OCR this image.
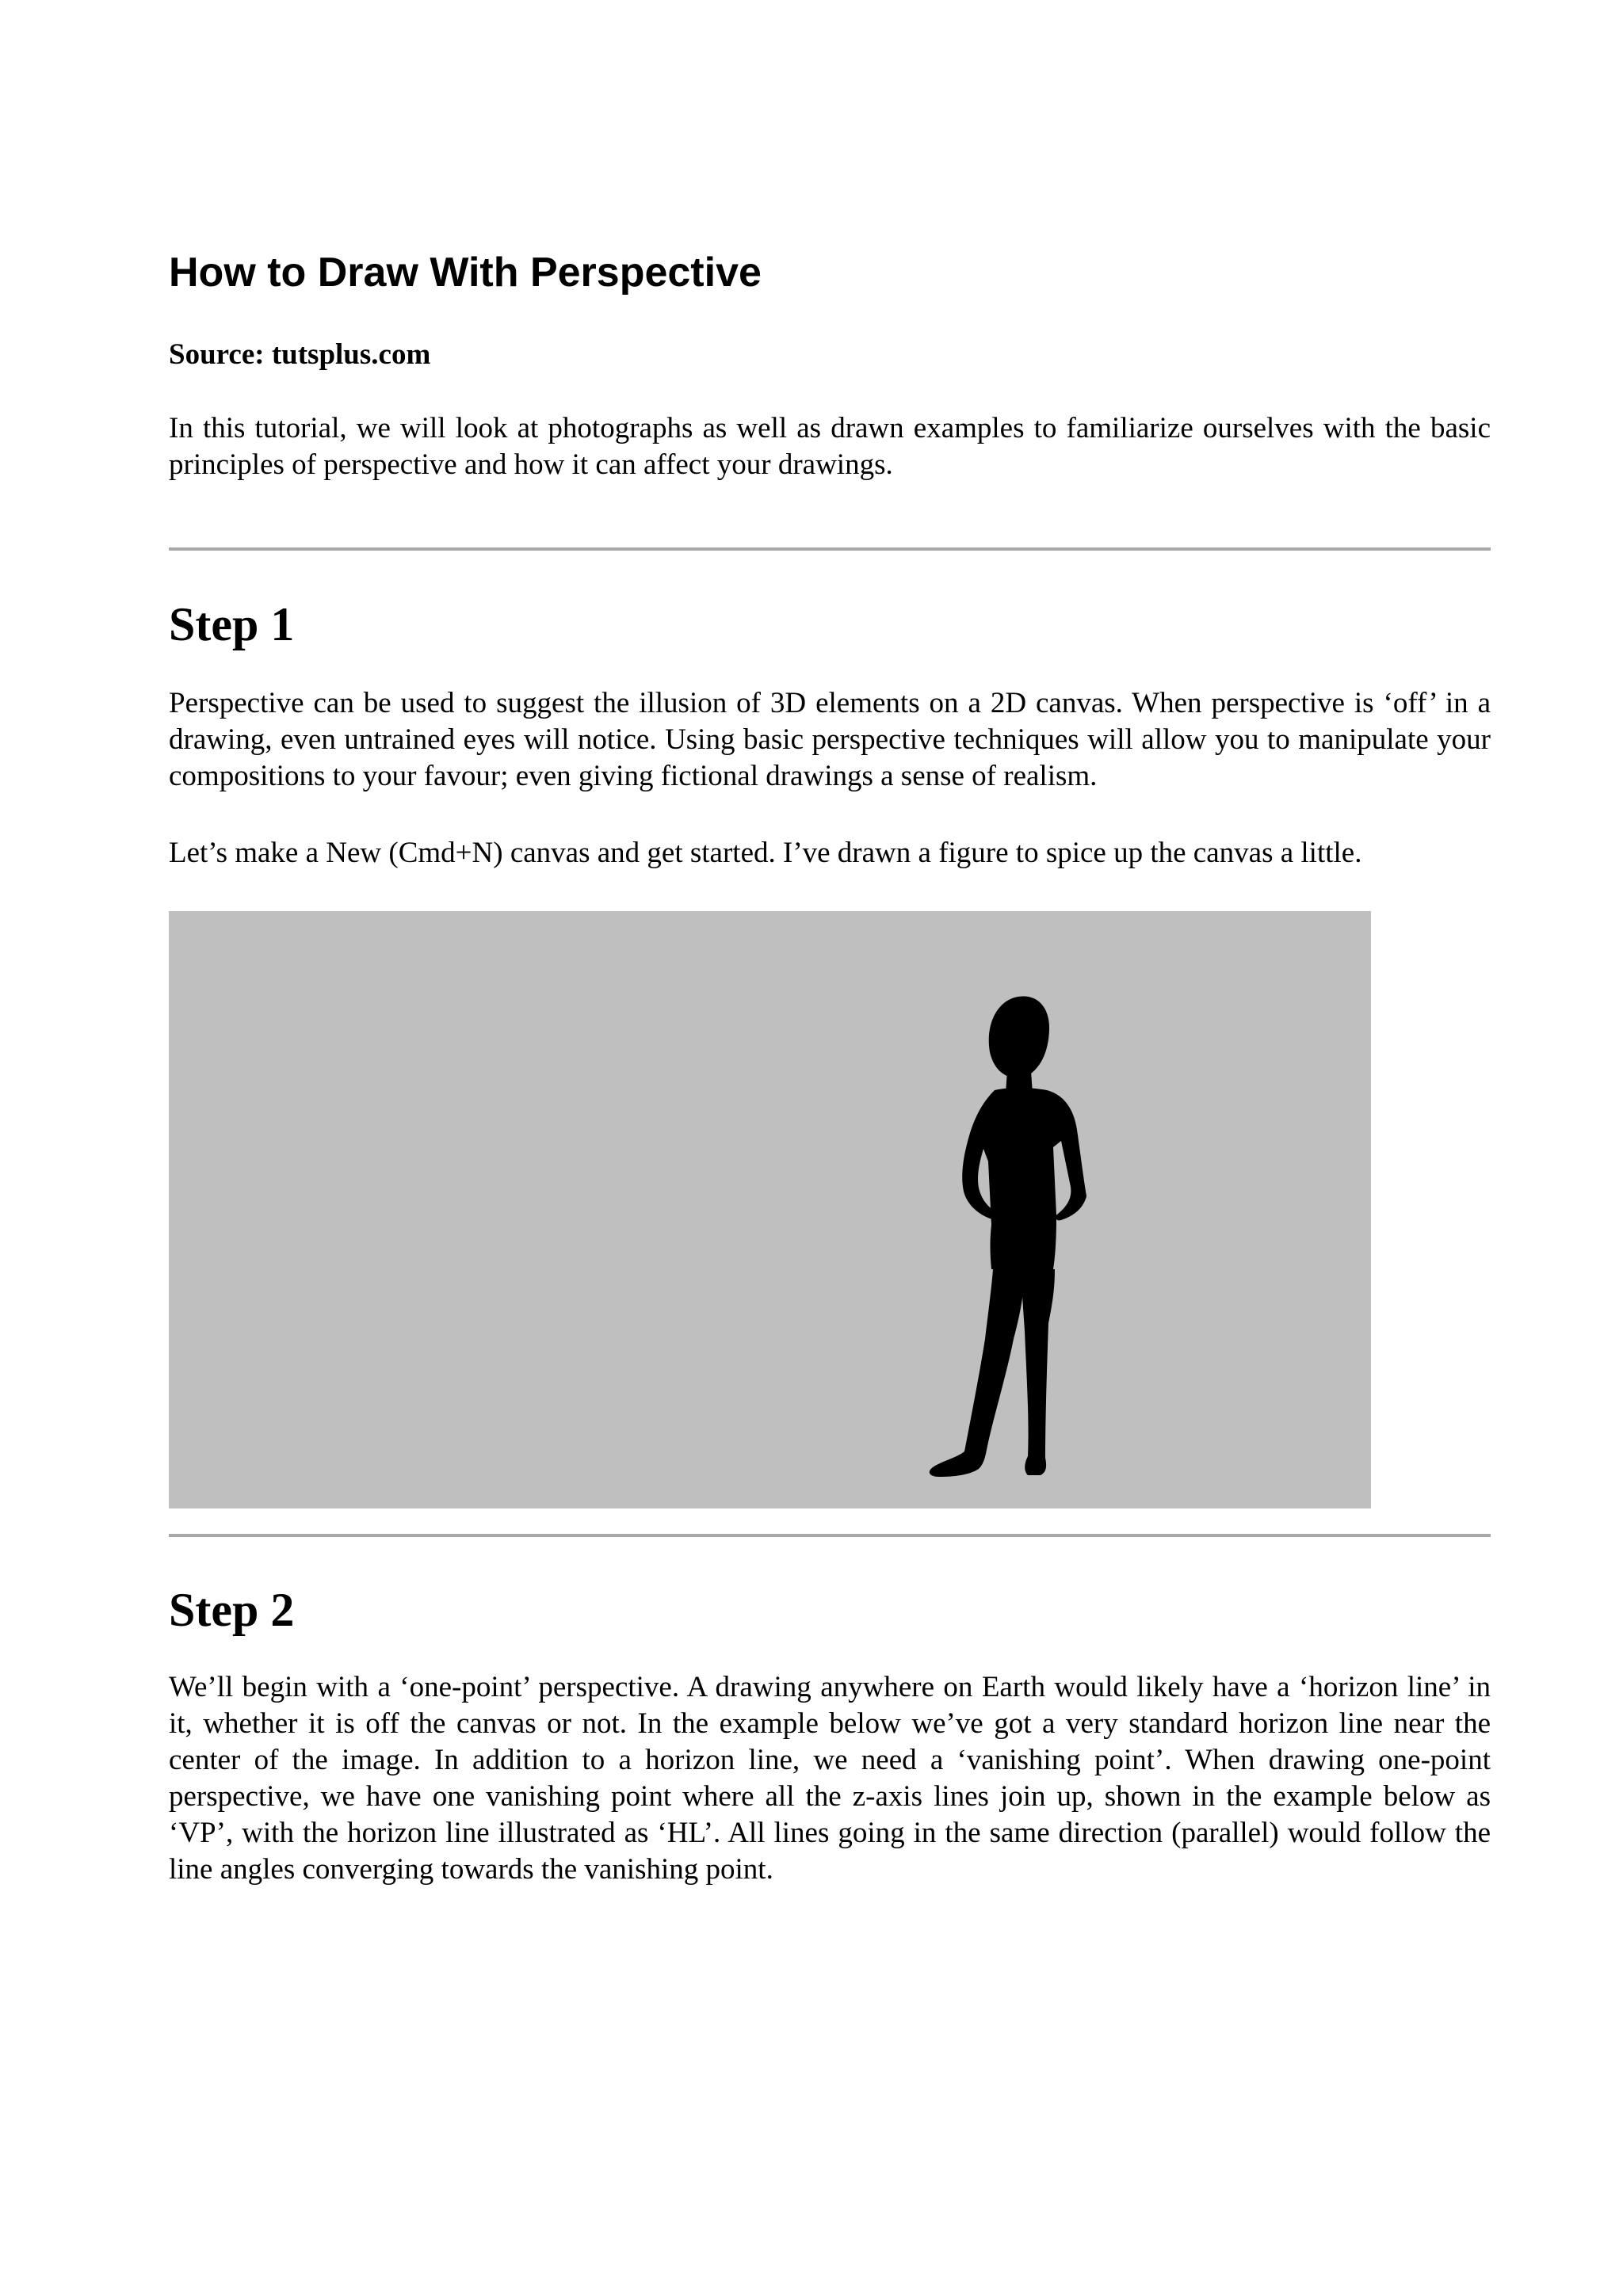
How to Draw With Perspective

Source: tutsplus.com

In this tutorial, we will look at photographs as well as drawn examples to familiarize ourselves with the basic principles of perspective and how it can affect your drawings.

Step 1

Perspective can be used to suggest the illusion of 3D elements on a 2D canvas. When perspective is ‘off’ in a drawing, even untrained eyes will notice. Using basic perspective techniques will allow you to manipulate your compositions to your favour; even giving fictional drawings a sense of realism.

Let’s make a New (Cmd+N) canvas and get started. I’ve drawn a figure to spice up the canvas a little.

Step 2

We’ll begin with a ‘one-point’ perspective. A drawing anywhere on Earth would likely have a ‘horizon line’ in it, whether it is off the canvas or not. In the example below we’ve got a very standard horizon line near the center of the image. In addition to a horizon line, we need a ‘vanishing point’. When drawing one-point perspective, we have one vanishing point where all the z-axis lines join up, shown in the example below as ‘VP’, with the horizon line illustrated as ‘HL’. All lines going in the same direction (parallel) would follow the line angles converging towards the vanishing point.
